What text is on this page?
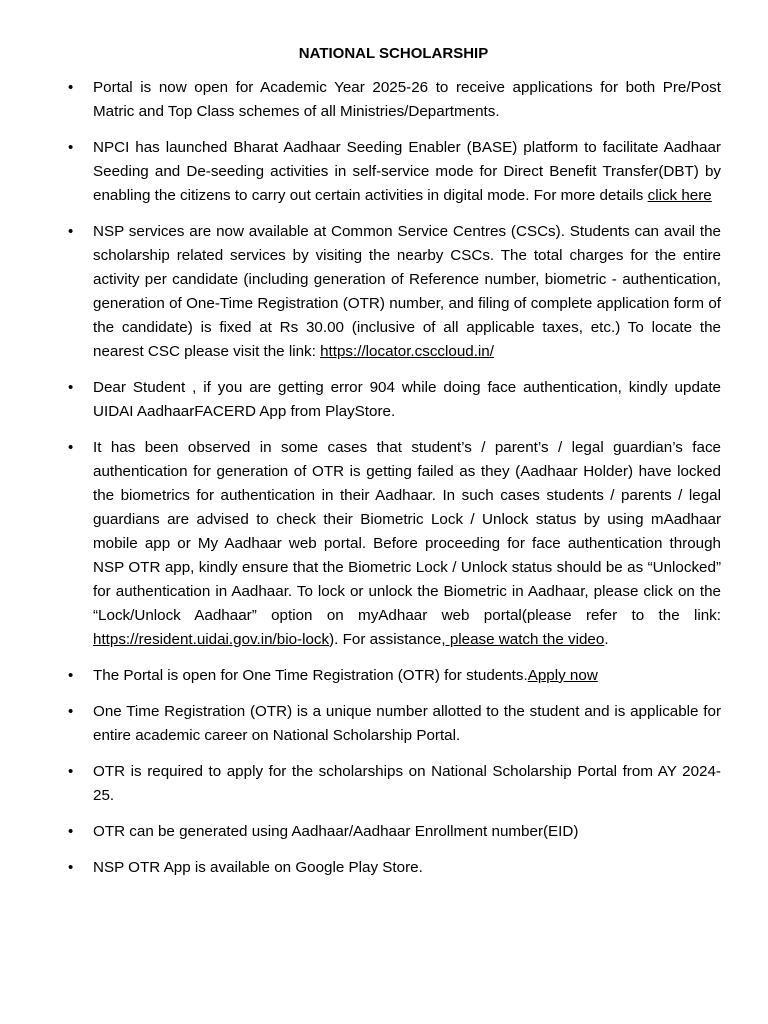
NATIONAL SCHOLARSHIP
• Portal is now open for Academic Year 2025-26 to receive applications for both Pre/Post Matric and Top Class schemes of all Ministries/Departments.
• NPCI has launched Bharat Aadhaar Seeding Enabler (BASE) platform to facilitate Aadhaar Seeding and De-seeding activities in self-service mode for Direct Benefit Transfer(DBT) by enabling the citizens to carry out certain activities in digital mode. For more details click here
• NSP services are now available at Common Service Centres (CSCs). Students can avail the scholarship related services by visiting the nearby CSCs. The total charges for the entire activity per candidate (including generation of Reference number, biometric - authentication, generation of One-Time Registration (OTR) number, and filing of complete application form of the candidate) is fixed at Rs 30.00 (inclusive of all applicable taxes, etc.) To locate the nearest CSC please visit the link: https://locator.csccloud.in/
• Dear Student , if you are getting error 904 while doing face authentication, kindly update UIDAI AadhaarFACERD App from PlayStore.
• It has been observed in some cases that student’s / parent’s / legal guardian’s face authentication for generation of OTR is getting failed as they (Aadhaar Holder) have locked the biometrics for authentication in their Aadhaar. In such cases students / parents / legal guardians are advised to check their Biometric Lock / Unlock status by using mAadhaar mobile app or My Aadhaar web portal. Before proceeding for face authentication through NSP OTR app, kindly ensure that the Biometric Lock / Unlock status should be as “Unlocked” for authentication in Aadhaar. To lock or unlock the Biometric in Aadhaar, please click on the “Lock/Unlock Aadhaar” option on myAdhaar web portal(please refer to the link: https://resident.uidai.gov.in/bio-lock). For assistance, please watch the video.
• The Portal is open for One Time Registration (OTR) for students.Apply now
• One Time Registration (OTR) is a unique number allotted to the student and is applicable for entire academic career on National Scholarship Portal.
• OTR is required to apply for the scholarships on National Scholarship Portal from AY 2024-25.
• OTR can be generated using Aadhaar/Aadhaar Enrollment number(EID)
• NSP OTR App is available on Google Play Store.
